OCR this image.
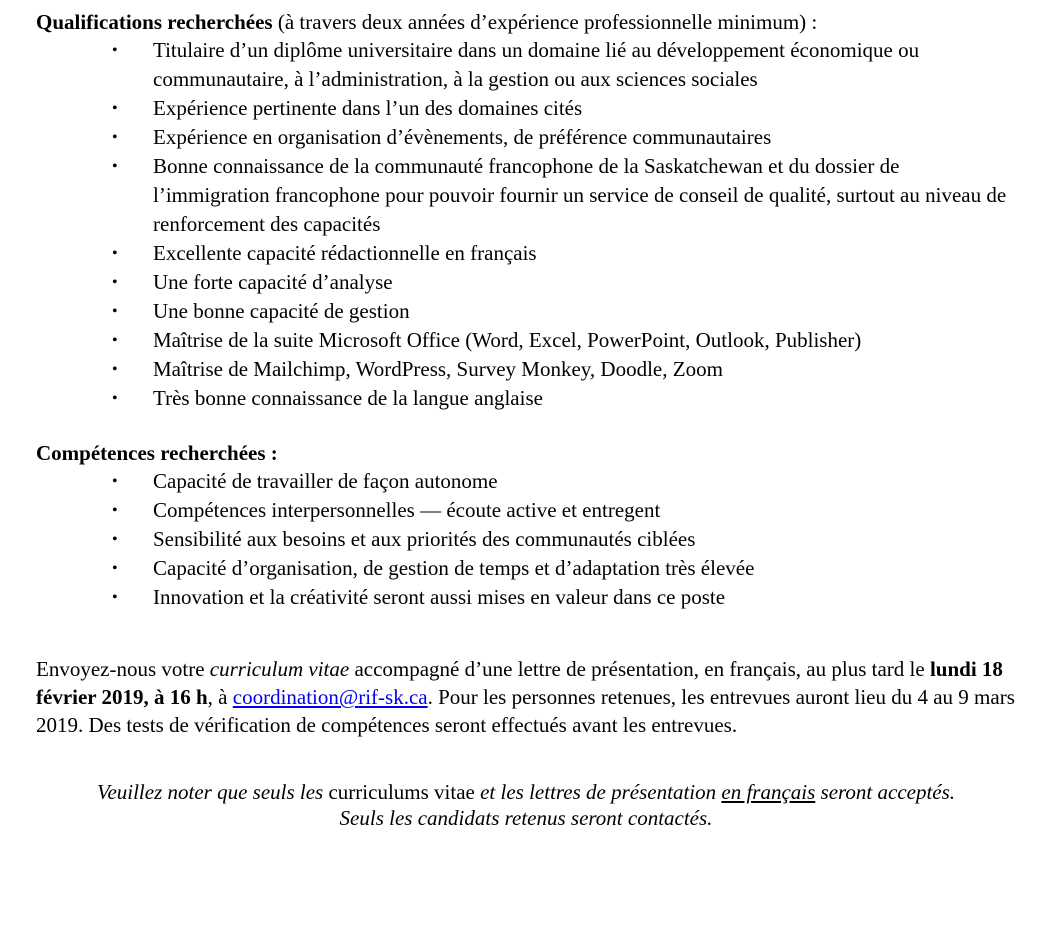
Qualifications recherchées (à travers deux années d’expérience professionnelle minimum) :

• Titulaire d’un diplôme universitaire dans un domaine lié au développement économique ou communautaire, à l’administration, à la gestion ou aux sciences sociales
• Expérience pertinente dans l’un des domaines cités
• Expérience en organisation d’évènements, de préférence communautaires
• Bonne connaissance de la communauté francophone de la Saskatchewan et du dossier de l’immigration francophone pour pouvoir fournir un service de conseil de qualité, surtout au niveau de renforcement des capacités
• Excellente capacité rédactionnelle en français
• Une forte capacité d’analyse
• Une bonne capacité de gestion
• Maîtrise de la suite Microsoft Office (Word, Excel, PowerPoint, Outlook, Publisher)
• Maîtrise de Mailchimp, WordPress, Survey Monkey, Doodle, Zoom
• Très bonne connaissance de la langue anglaise

Compétences recherchées :

• Capacité de travailler de façon autonome
• Compétences interpersonnelles — écoute active et entregent
• Sensibilité aux besoins et aux priorités des communautés ciblées
• Capacité d’organisation, de gestion de temps et d’adaptation très élevée
• Innovation et la créativité seront aussi mises en valeur dans ce poste

Envoyez-nous votre curriculum vitae accompagné d’une lettre de présentation, en français, au plus tard le lundi 18 février 2019, à 16 h, à coordination@rif-sk.ca. Pour les personnes retenues, les entrevues auront lieu du 4 au 9 mars 2019. Des tests de vérification de compétences seront effectués avant les entrevues.

Veuillez noter que seuls les curriculums vitae et les lettres de présentation en français seront acceptés.
Seuls les candidats retenus seront contactés.
